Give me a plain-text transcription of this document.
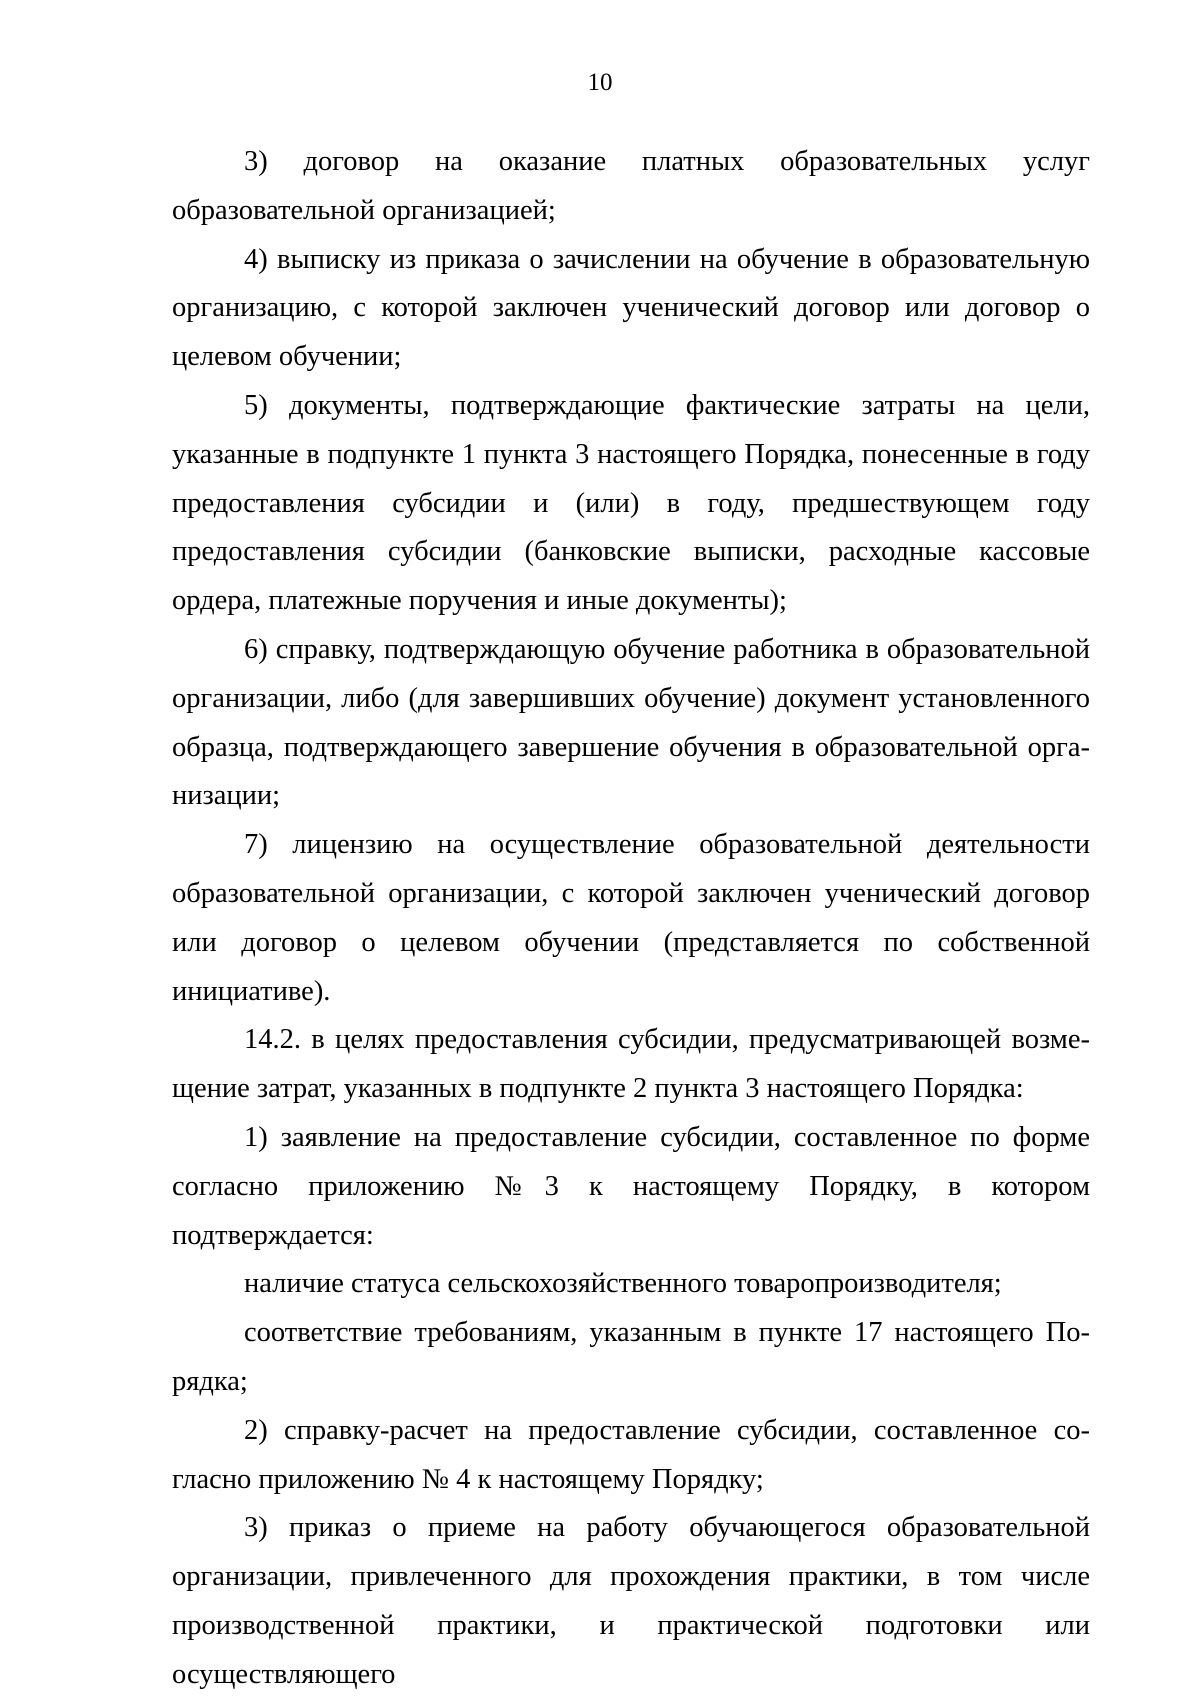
10

3) договор на оказание платных образовательных услуг образовательной организацией;

4) выписку из приказа о зачислении на обучение в образовательную организацию, с которой заключен ученический договор или договор о целевом обучении;

5) документы, подтверждающие фактические затраты на цели, указанные в подпункте 1 пункта 3 настоящего Порядка, понесенные в году предоставления субсидии и (или) в году, предшествующем году предоставления субсидии (банковские выписки, расходные кассовые ордера, платежные поручения и иные документы);

6) справку, подтверждающую обучение работника в образовательной организации, либо (для завершивших обучение) документ установленного образца, подтверждающего завершение обучения в образовательной организации;

7) лицензию на осуществление образовательной деятельности образовательной организации, с которой заключен ученический договор или договор о целевом обучении (представляется по собственной инициативе).

14.2. в целях предоставления субсидии, предусматривающей возмещение затрат, указанных в подпункте 2 пункта 3 настоящего Порядка:

1) заявление на предоставление субсидии, составленное по форме согласно приложению №3 к настоящему Порядку, в котором подтверждается:

наличие статуса сельскохозяйственного товаропроизводителя;

соответствие требованиям, указанным в пункте 17 настоящего Порядка;

2) справку-расчет на предоставление субсидии, составленное согласно приложению № 4 к настоящему Порядку;

3) приказ о приеме на работу обучающегося образовательной организации, привлеченного для прохождения практики, в том числе производственной практики, и практической подготовки или осуществляющего
